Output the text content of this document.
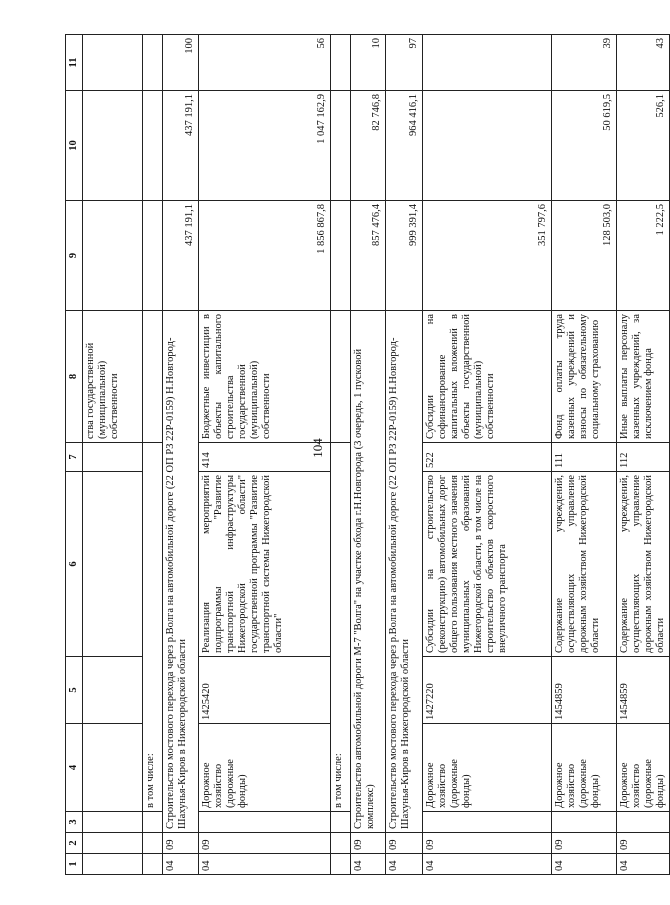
104
1	2	3	4	5	6	7	8	9	10	11
							ства государственной (муниципальной) собственности			
			в том числе:							
04	09	Строительство мостового перехода через р.Волга на автомобильной дороге (22 ОП РЗ 22Р-0159) Н.Новгород-Шахунья-Киров в Нижегородской области						437 191,1	437 191,1	100
04	09		Дорожное хозяйство (дорожные фонды)	1425420	Реализация мероприятий подпрограммы "Развитие транспортной инфраструктуры Нижегородской области" государственной программы "Развитие транспортной системы Нижегородской области"	414	Бюджетные инвестиции в объекты капитального строительства государственной (муниципальной) собственности	1 856 867,8	1 047 162,9	56
			в том числе:							
04	09	Строительство автомобильной дороги М-7 "Волга" на участке обхода г.Н.Новгорода (3 очередь, 1 пусковой комплекс)						857 476,4	82 746,8	10
04	09	Строительство мостового перехода через р.Волга на автомобильной дороге (22 ОП РЗ 22Р-0159) Н.Новгород-Шахунья-Киров в Нижегородской области						999 391,4	964 416,1	97
04	09		Дорожное хозяйство (дорожные фонды)	1427220	Субсидии на строительство (реконструкцию) автомобильных дорог общего пользования местного значения муниципальных образований Нижегородской области, в том числе на строительство объектов скоростного внеуличного транспорта	522	Субсидии на софинансирование капитальных вложений в объекты государственной (муниципальной) собственности	351 797,6		
04	09		Дорожное хозяйство (дорожные фонды)	1454859	Содержание учреждений, осуществляющих управление дорожным хозяйством Нижегородской области	111	Фонд оплаты труда казенных учреждений и взносы по обязательному социальному страхованию	128 503,0	50 619,5	39
04	09		Дорожное хозяйство (дорожные фонды)	1454859	Содержание учреждений, осуществляющих управление дорожным хозяйством Нижегородской области	112	Иные выплаты персоналу казенных учреждений, за исключением фонда	1 222,5	526,1	43
